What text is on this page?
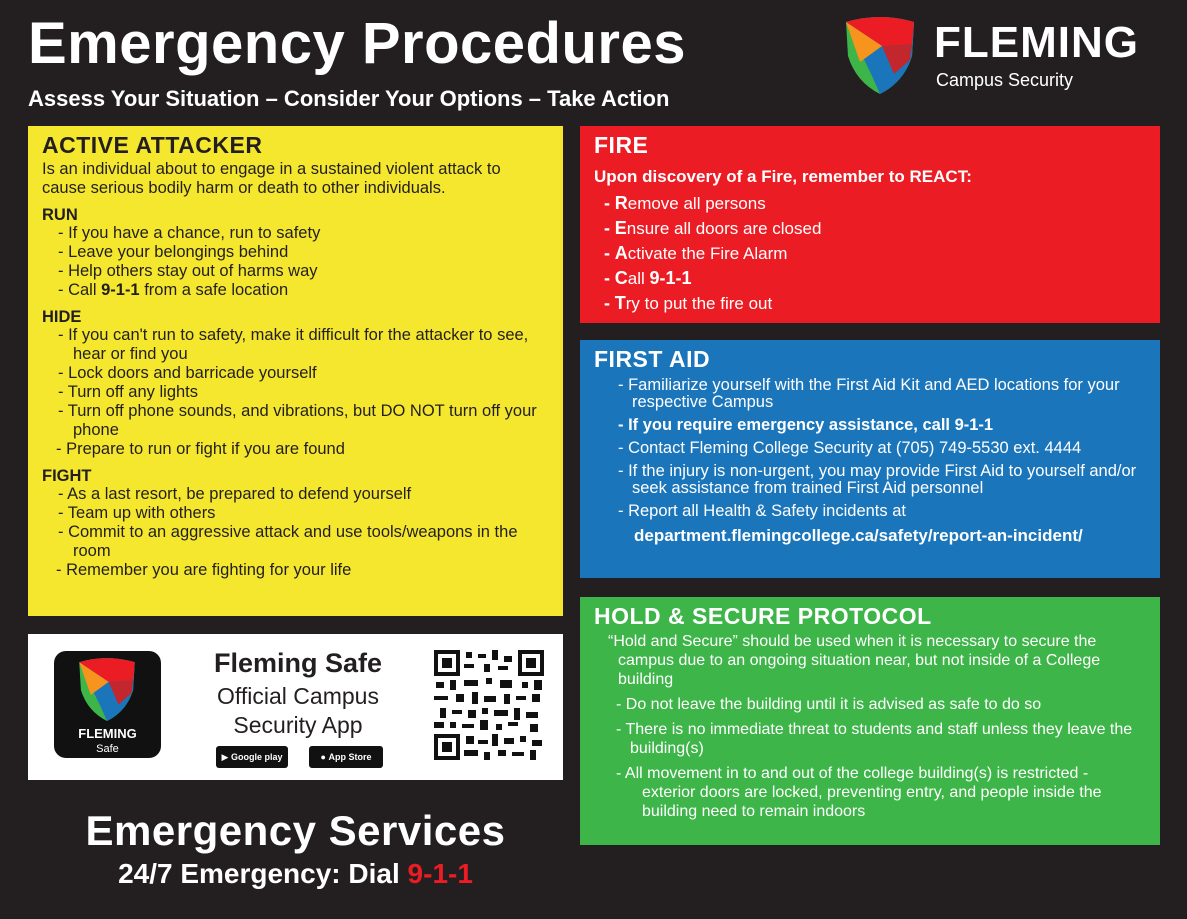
Emergency Procedures
Assess Your Situation – Consider Your Options – Take Action
FLEMING
Campus Security
ACTIVE ATTACKER

Is an individual about to engage in a sustained violent attack to cause serious bodily harm or death to other individuals.

RUN
- If you have a chance, run to safety
- Leave your belongings behind
- Help others stay out of harms way
- Call 9-1-1 from a safe location
HIDE
- If you can't run to safety, make it difficult for the attacker to see, hear or find you
- Lock doors and barricade yourself
- Turn off any lights
- Turn off phone sounds, and vibrations, but DO NOT turn off your phone
- Prepare to run or fight if you are found
FIGHT
- As a last resort, be prepared to defend yourself
- Team up with others
- Commit to an aggressive attack and use tools/weapons in the room
- Remember you are fighting for your life
FIRE
Upon discovery of a Fire, remember to REACT:
- Remove all persons
- Ensure all doors are closed
- Activate the Fire Alarm
- Call 9-1-1
- Try to put the fire out
FIRST AID
- Familiarize yourself with the First Aid Kit and AED locations for your respective Campus
- If you require emergency assistance, call 9-1-1
- Contact Fleming College Security at (705) 749-5530 ext. 4444
- If the injury is non-urgent, you may provide First Aid to yourself and/or seek assistance from trained First Aid personnel
- Report all Health & Safety incidents at
department.flemingcollege.ca/safety/report-an-incident/
HOLD & SECURE PROTOCOL

“Hold and Secure” should be used when it is necessary to secure the campus due to an ongoing situation near, but not inside of a College building

- Do not leave the building until it is advised as safe to do so
- There is no immediate threat to students and staff unless they leave the building(s)
- All movement in to and out of the college building(s) is restricted - exterior doors are locked, preventing entry, and people inside the building need to remain indoors
FLEMING
Safe
Fleming Safe
Official Campus
Security App
▶ Google play	● App Store
Emergency Services
24/7 Emergency: Dial 9-1-1
